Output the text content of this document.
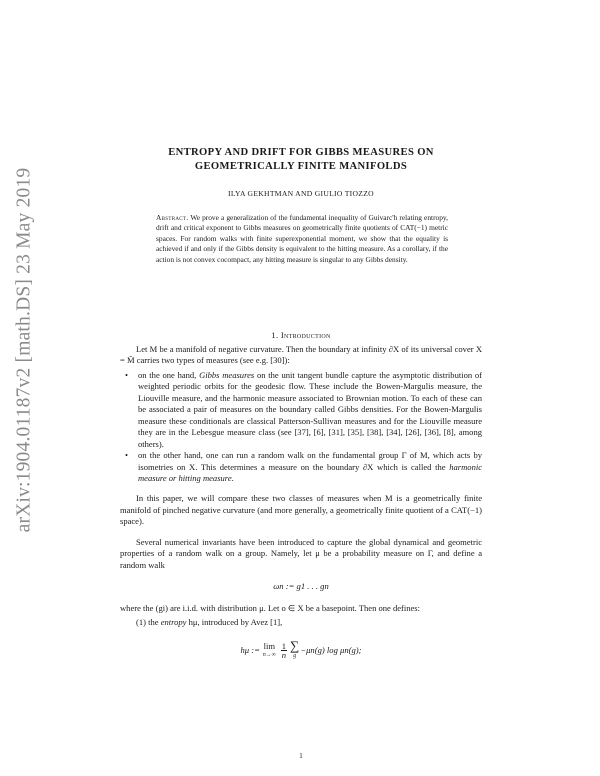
arXiv:1904.01187v2 [math.DS] 23 May 2019
ENTROPY AND DRIFT FOR GIBBS MEASURES ON
GEOMETRICALLY FINITE MANIFOLDS
ILYA GEKHTMAN AND GIULIO TIOZZO
Abstract. We prove a generalization of the fundamental inequality of Guivarc'h relating entropy, drift and critical exponent to Gibbs measures on geometrically finite quotients of CAT(−1) metric spaces. For random walks with finite superexponential moment, we show that the equality is achieved if and only if the Gibbs density is equivalent to the hitting measure. As a corollary, if the action is not convex cocompact, any hitting measure is singular to any Gibbs density.
1. Introduction

Let M be a manifold of negative curvature. Then the boundary at infinity ∂X of its universal cover X = M̃ carries two types of measures (see e.g. [30]):

• on the one hand, Gibbs measures on the unit tangent bundle capture the asymptotic distribution of weighted periodic orbits for the geodesic flow. These include the Bowen-Margulis measure, the Liouville measure, and the harmonic measure associated to Brownian motion. To each of these can be associated a pair of measures on the boundary called Gibbs densities. For the Bowen-Margulis measure these conditionals are classical Patterson-Sullivan measures and for the Liouville measure they are in the Lebesgue measure class (see [37], [6], [31], [35], [38], [34], [26], [36], [8], among others).
• on the other hand, one can run a random walk on the fundamental group Γ of M, which acts by isometries on X. This determines a measure on the boundary ∂X which is called the harmonic measure or hitting measure.

In this paper, we will compare these two classes of measures when M is a geometrically finite manifold of pinched negative curvature (and more generally, a geometrically finite quotient of a CAT(−1) space).

Several numerical invariants have been introduced to capture the global dynamical and geometric properties of a random walk on a group. Namely, let μ be a probability measure on Γ, and define a random walk

ωn := g1 . . . gn

where the (gi) are i.i.d. with distribution μ. Let o ∈ X be a basepoint. Then one defines:

(1) the entropy hμ, introduced by Avez [1],

hμ := lim
$n\to\infty \frac{1}{n}$ ∑
g
−μn(g) log μn(g);
1
